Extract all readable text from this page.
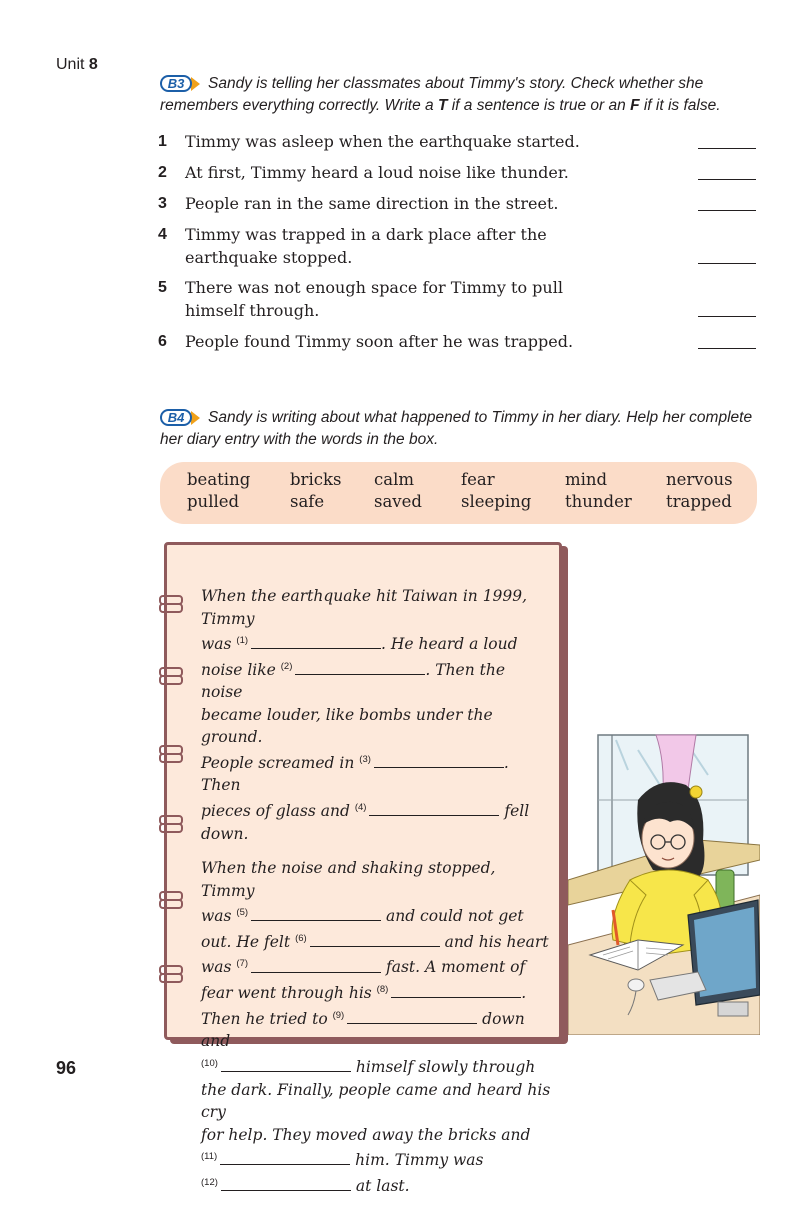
Unit 8
B3 Sandy is telling her classmates about Timmy's story. Check whether she remembers everything correctly. Write a T if a sentence is true or an F if it is false.
1 Timmy was asleep when the earthquake started.
2 At first, Timmy heard a loud noise like thunder.
3 People ran in the same direction in the street.
4 Timmy was trapped in a dark place after the
earthquake stopped.
5 There was not enough space for Timmy to pull
himself through.
6 People found Timmy soon after he was trapped.
B4 Sandy is writing about what happened to Timmy in her diary. Help her complete her diary entry with the words in the box.
beating bricks calm	fear	mind	nervous
pulled	safe	saved sleeping thunder trapped

When the earthquake hit Taiwan in 1999, Timmy
was $^{(1)}$	. He heard a loud
noise like $^{(2)}$	. Then the noise
became louder, like bombs under the ground.
People screamed in $^{(3)}$	. Then
pieces of glass and $^{(4)}$	fell
down.

When the noise and shaking stopped, Timmy
was $^{(5)}$	and could not get
out. He felt $^{(6)}$	and his heart
was $^{(7)}$	fast. A moment of
fear went through his $^{(8)}$	.
Then he tried to $^{(9)}$	down and
$^{(10)}$	himself slowly through
the dark. Finally, people came and heard his cry
for help. They moved away the bricks and
$^{(11)}$	him. Timmy was
$^{(12)}$	at last.

96
